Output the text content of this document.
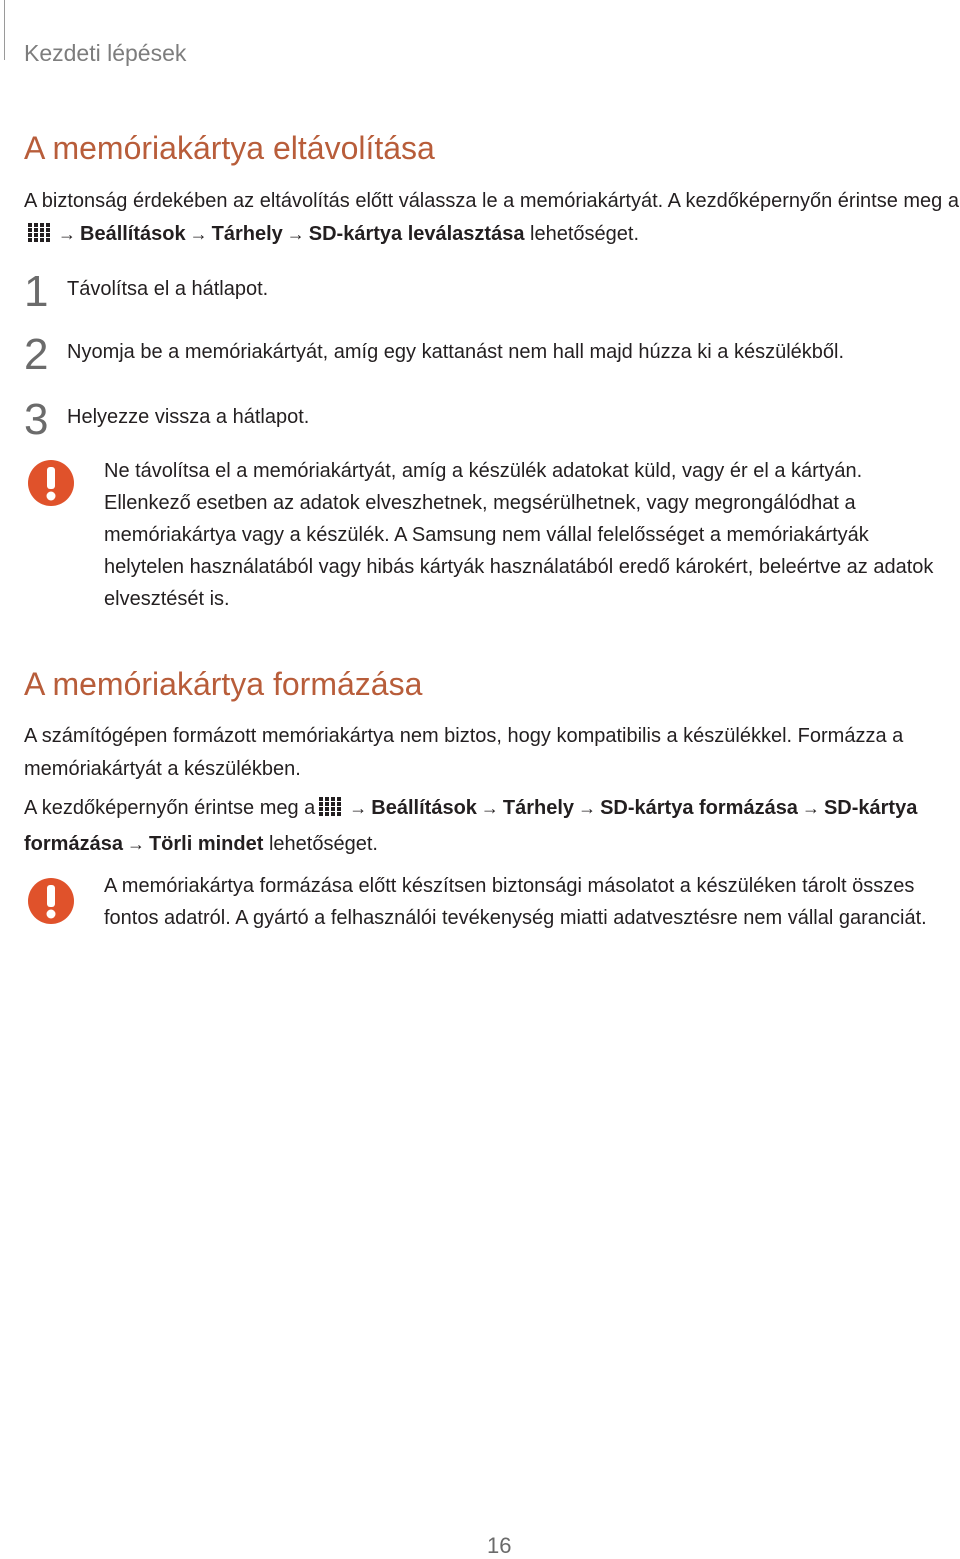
Kezdeti lépések
A memóriakártya eltávolítása

A biztonság érdekében az eltávolítás előtt válassza le a memóriakártyát. A kezdőképernyőn érintse meg a→ Beállítások → Tárhely → SD-kártya leválasztása lehetőséget.

1 Távolítsa el a hátlapot.
2 Nyomja be a memóriakártyát, amíg egy kattanást nem hall majd húzza ki a készülékből.
3 Helyezze vissza a hátlapot.

Ne távolítsa el a memóriakártyát, amíg a készülék adatokat küld, vagy ér el a kártyán. Ellenkező esetben az adatok elveszhetnek, megsérülhetnek, vagy megrongálódhat a memóriakártya vagy a készülék. A Samsung nem vállal felelősséget a memóriakártyák helytelen használatából vagy hibás kártyák használatából eredő károkért, beleértve az adatok elvesztését is.

A memóriakártya formázása

A számítógépen formázott memóriakártya nem biztos, hogy kompatibilis a készülékkel. Formázza a memóriakártyát a készülékben.

A kezdőképernyőn érintse meg a → Beállítások → Tárhely → SD-kártya formázása → SD-kártya formázása → Törli mindet lehetőséget.

A memóriakártya formázása előtt készítsen biztonsági másolatot a készüléken tárolt összes fontos adatról. A gyártó a felhasználói tevékenység miatti adatvesztésre nem vállal garanciát.

16
